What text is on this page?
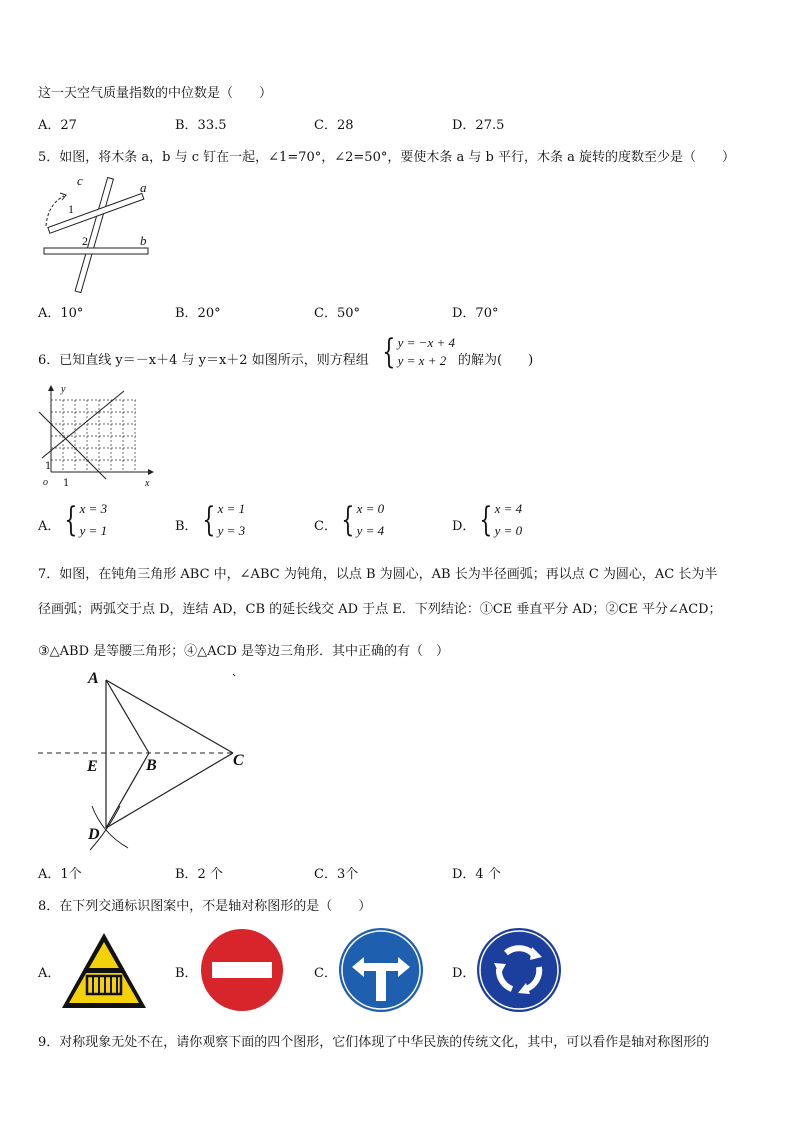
这一天空气质量指数的中位数是（　　）
A．27	B．33.5	C．28	D．27.5
5．如图，将木条 a，b 与 c 钉在一起，∠1=70°，∠2=50°，要使木条 a 与 b 平行，木条 a 旋转的度数至少是（　　）
c	a
b
1
2
A．10°	B．20°	C．50°	D．70°
6．已知直线 y＝－x＋4 与 y＝x＋2 如图所示，则方程组 { y = −x + 4
y = x + 2 的解为(　　)
y
x
o 1
1
A． { x = 3
y = 1	B． { x = 1
y = 3	C． { x = 0
y = 4	D． { x = 4
y = 0
7．如图，在钝角三角形 ABC 中，∠ABC 为钝角，以点 B 为圆心，AB 长为半径画弧；再以点 C 为圆心，AC 长为半
径画弧；两弧交于点 D，连结 AD，CB 的延长线交 AD 于点 E．下列结论：①CE 垂直平分 AD；②CE 平分∠ACD；
③△ABD 是等腰三角形；④△ACD 是等边三角形．其中正确的有（　）
A
E	B	C
D
A．1个	B．2 个	C．3个	D．4 个
8．在下列交通标识图案中，不是轴对称图形的是（　　）
A．	B．	C．	D．
9．对称现象无处不在，请你观察下面的四个图形，它们体现了中华民族的传统文化，其中，可以看作是轴对称图形的
